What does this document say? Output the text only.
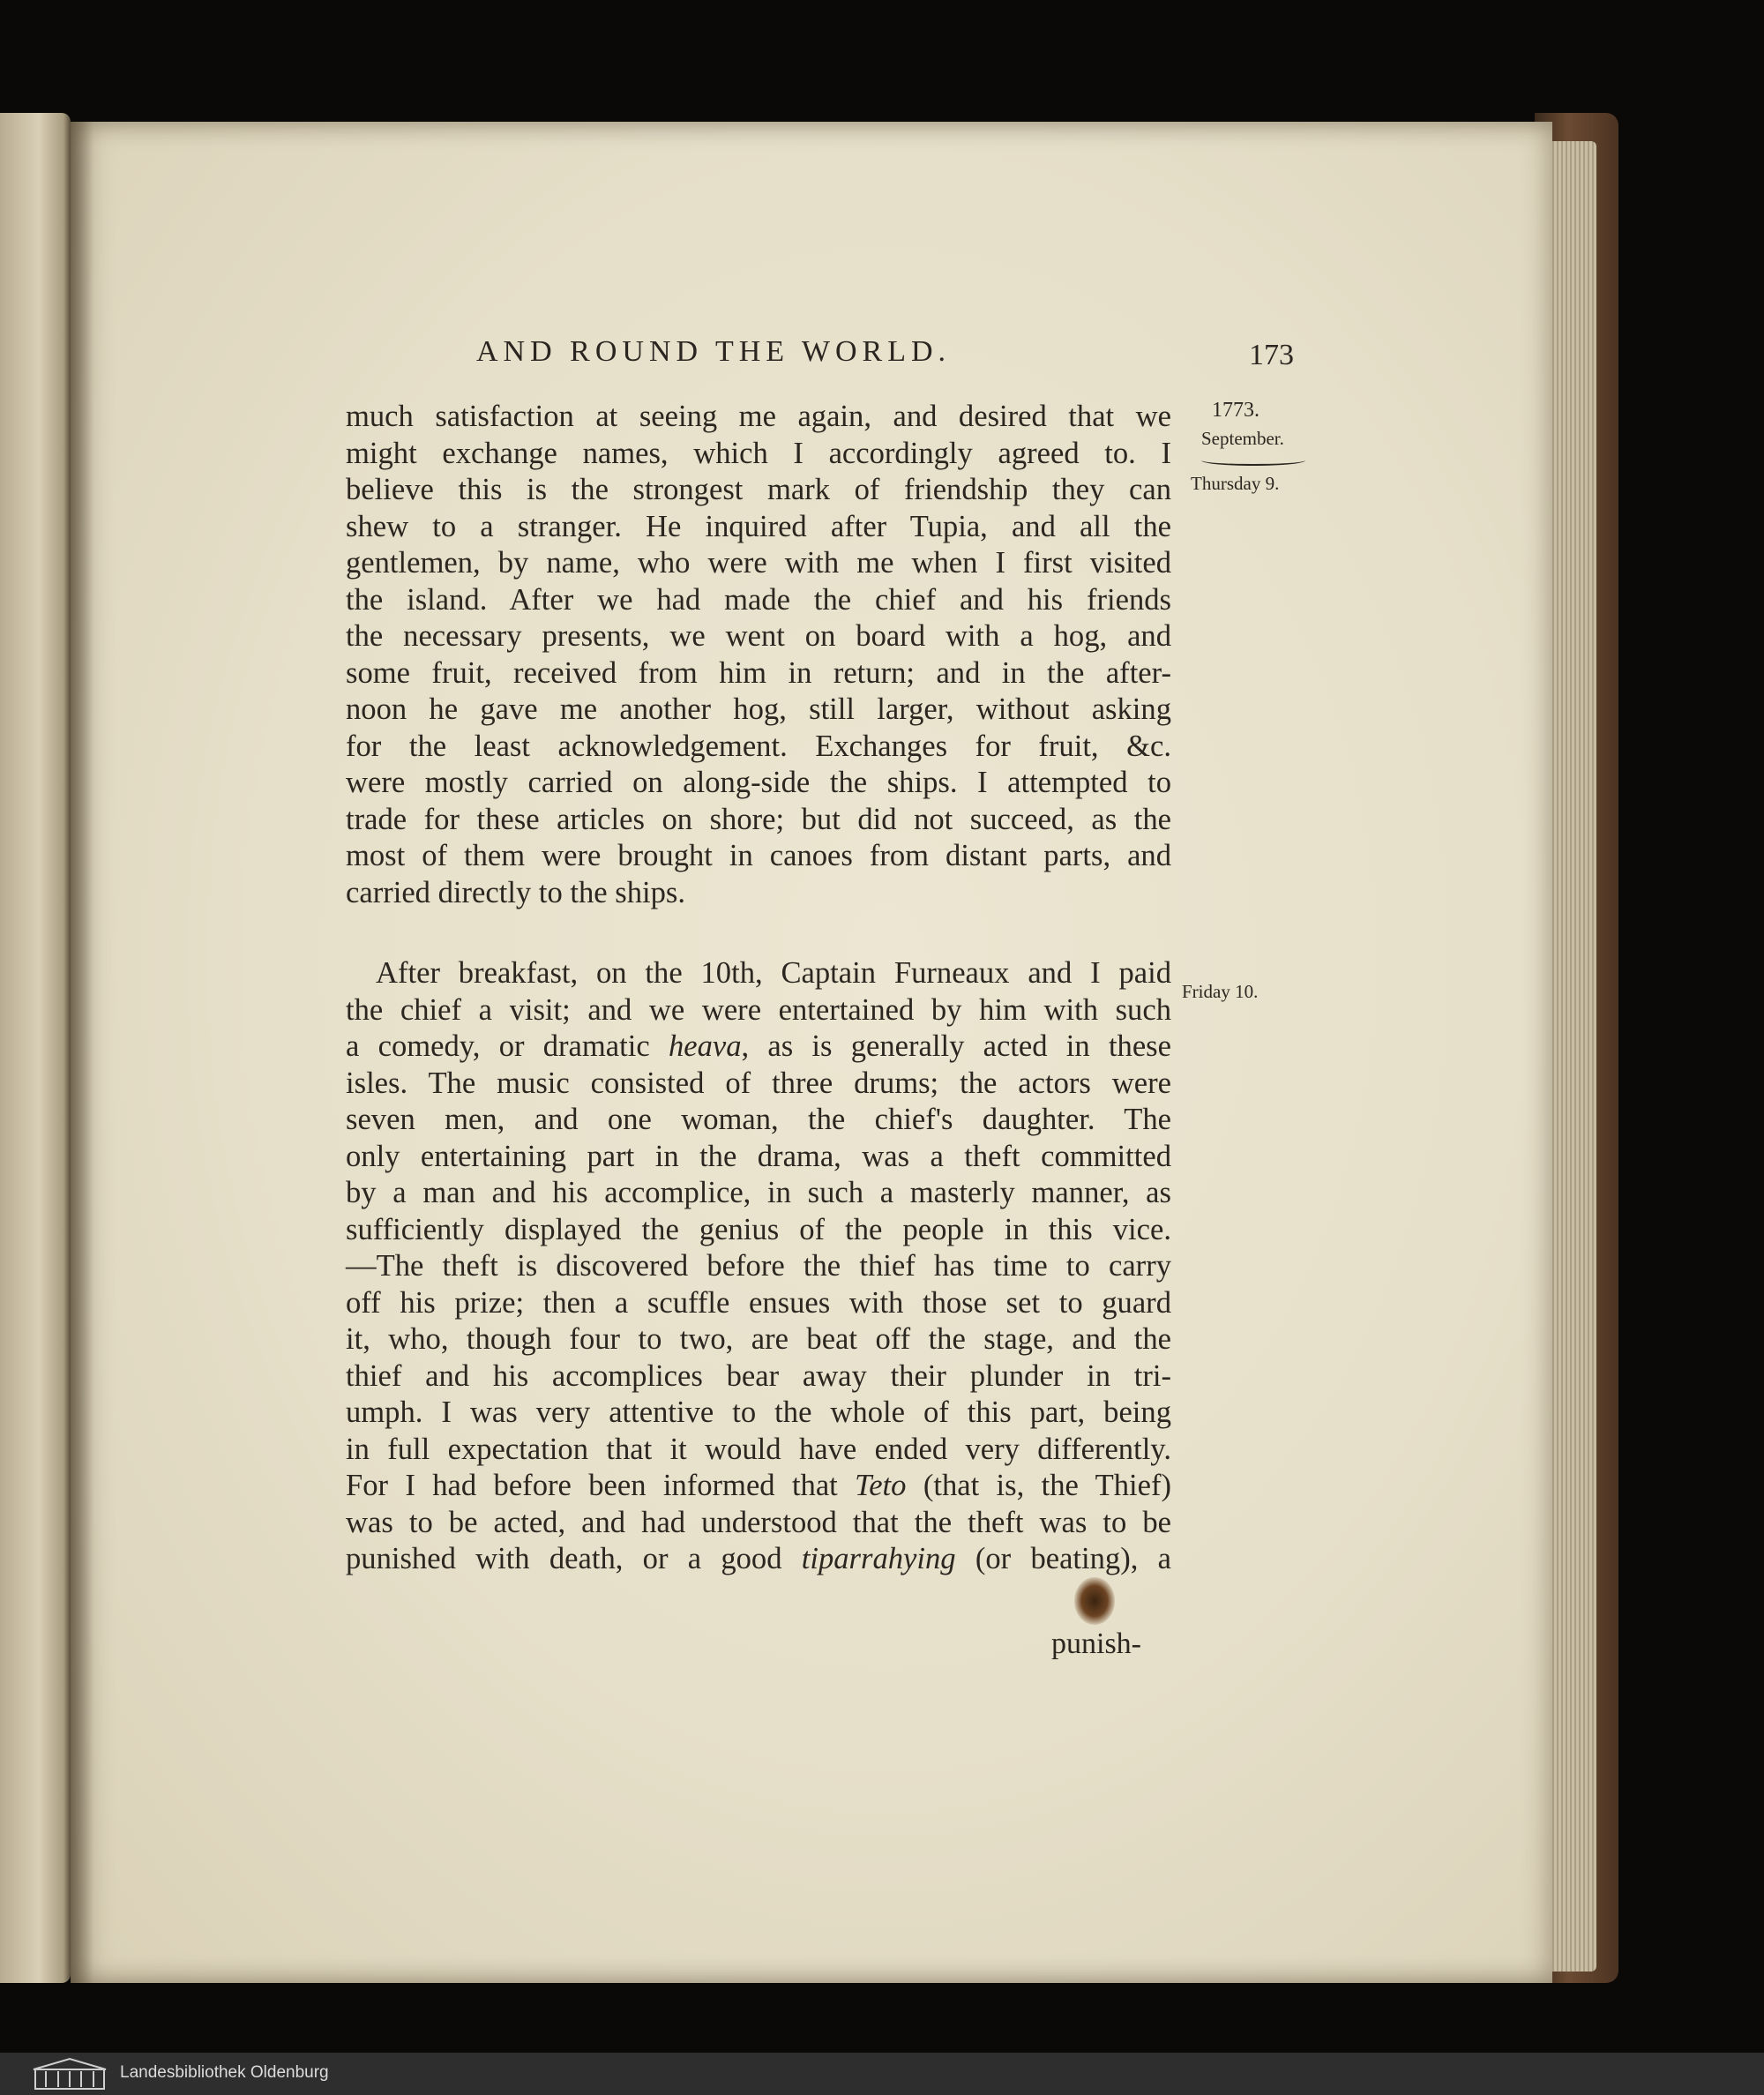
AND ROUND THE WORLD.	173
1773.
September.
Thursday 9.
Friday 10.
much satisfaction at seeing me again, and desired that we
might exchange names, which I accordingly agreed to. I
believe this is the strongest mark of friendship they can
shew to a stranger. He inquired after Tupia, and all the
gentlemen, by name, who were with me when I first visited
the island. After we had made the chief and his friends
the necessary presents, we went on board with a hog, and
some fruit, received from him in return; and in the after-
noon he gave me another hog, still larger, without asking
for the least acknowledgement. Exchanges for fruit, &c.
were mostly carried on along-side the ships. I attempted to
trade for these articles on shore; but did not succeed, as the
most of them were brought in canoes from distant parts, and
carried directly to the ships.
After breakfast, on the 10th, Captain Furneaux and I paid
the chief a visit; and we were entertained by him with such
a comedy, or dramatic heava, as is generally acted in these
isles. The music consisted of three drums; the actors were
seven men, and one woman, the chief's daughter. The
only entertaining part in the drama, was a theft committed
by a man and his accomplice, in such a masterly manner, as
sufficiently displayed the genius of the people in this vice.
—The theft is discovered before the thief has time to carry
off his prize; then a scuffle ensues with those set to guard
it, who, though four to two, are beat off the stage, and the
thief and his accomplices bear away their plunder in tri-
umph. I was very attentive to the whole of this part, being
in full expectation that it would have ended very differently.
For I had before been informed that Teto (that is, the Thief)
was to be acted, and had understood that the theft was to be
punished with death, or a good tiparrahying (or beating), a
punish-
Landesbibliothek Oldenburg
